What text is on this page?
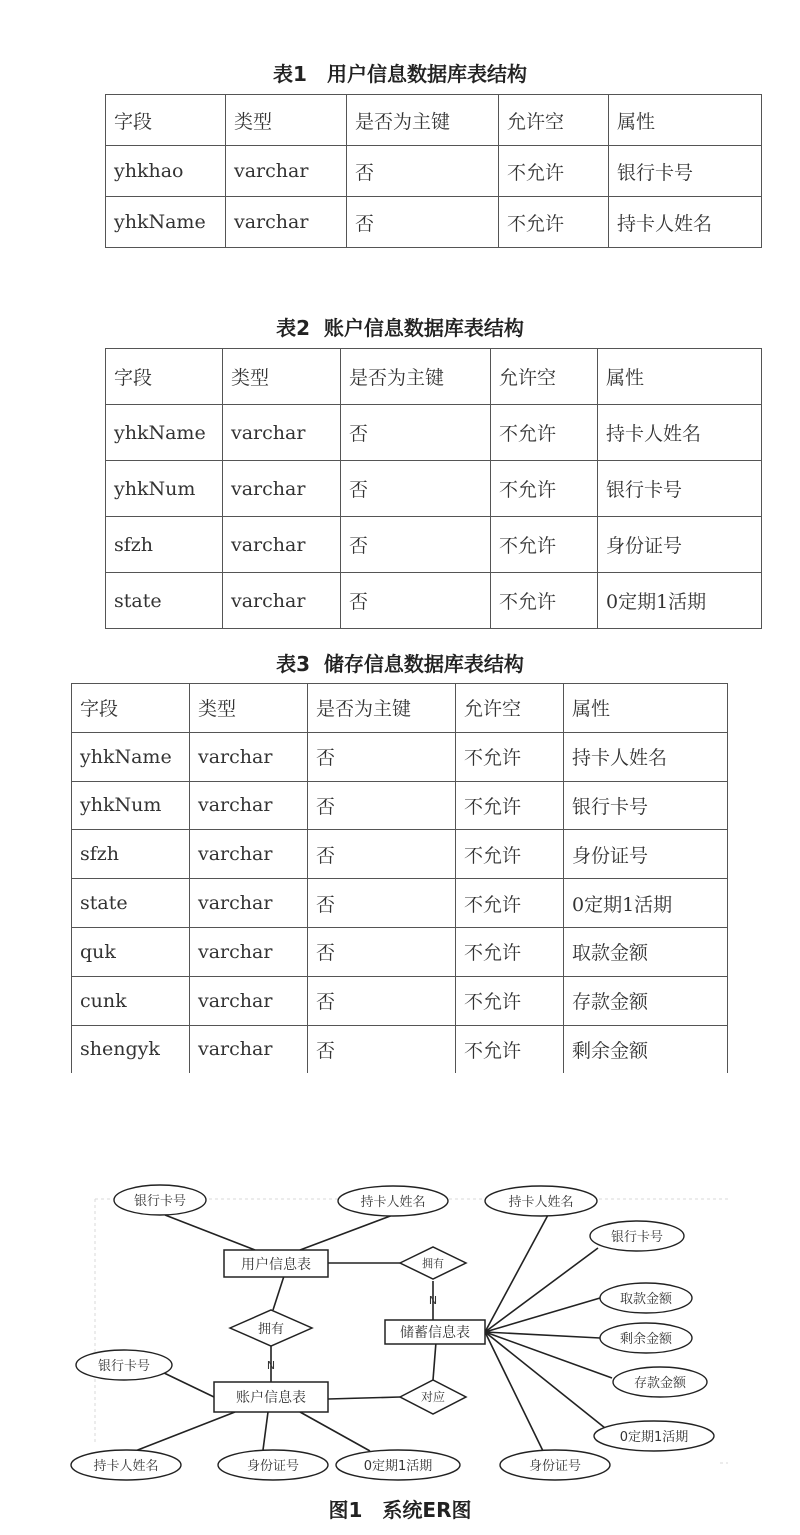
表1　用户信息数据库表结构
字段	类型	是否为主键	允许空	属性
yhkhao	varchar	否	不允许	银行卡号
yhkName	varchar	否	不允许	持卡人姓名
表2  账户信息数据库表结构
字段	类型	是否为主键	允许空	属性
yhkName	varchar	否	不允许	持卡人姓名
yhkNum	varchar	否	不允许	银行卡号
sfzh	varchar	否	不允许	身份证号
state	varchar	否	不允许	0定期1活期
表3  储存信息数据库表结构
字段	类型	是否为主键	允许空	属性
yhkName	varchar	否	不允许	持卡人姓名
yhkNum	varchar	否	不允许	银行卡号
sfzh	varchar	否	不允许	身份证号
state	varchar	否	不允许	0定期1活期
quk	varchar	否	不允许	取款金额
cunk	varchar	否	不允许	存款金额
shengyk	varchar	否	不允许	剩余金额
用户信息表
储蓄信息表
账户信息表
拥有
N
拥有
N
对应
银行卡号	持卡人姓名
银行卡号
持卡人姓名	身份证号	0定期1活期
持卡人姓名
银行卡号
取款金额
剩余金额
存款金额
0定期1活期
身份证号
图1　系统ER图
